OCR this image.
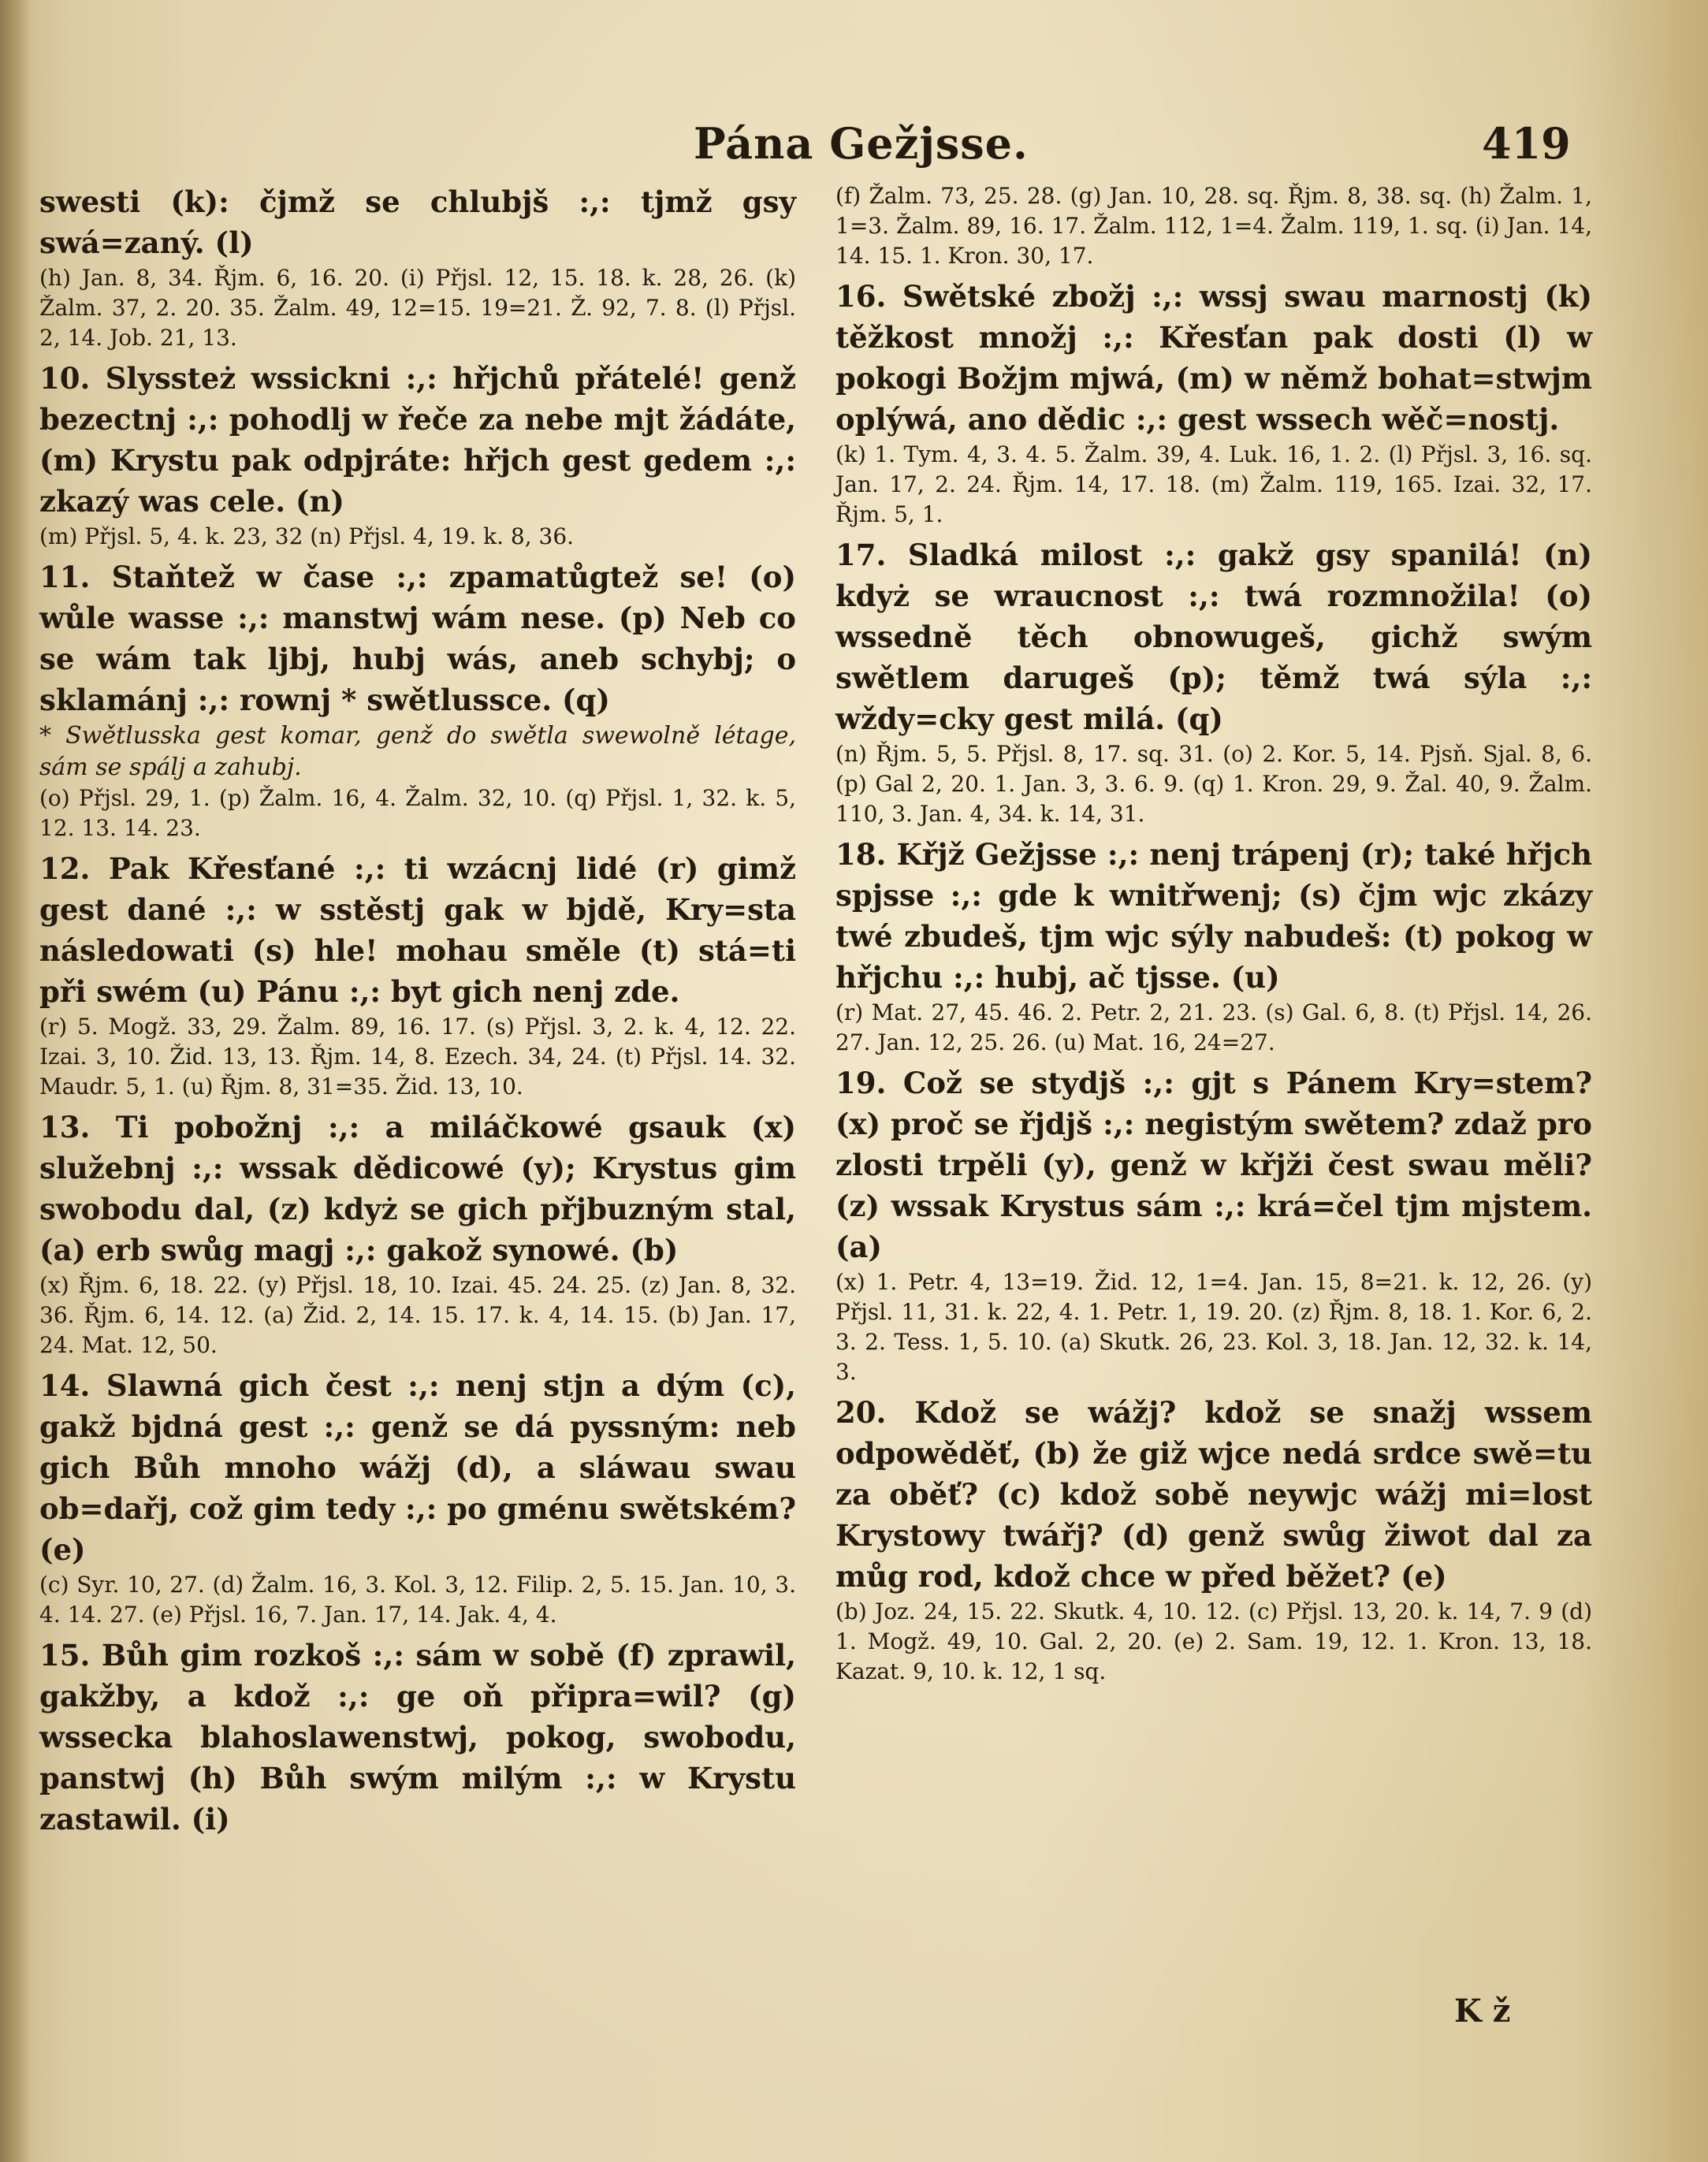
Pána Gežjsse.	419

swesti (k): čjmž se chlubjš :,: tjmž gsy swá=zaný. (l)

(h) Jan. 8, 34. Řjm. 6, 16. 20. (i) Přjsl. 12, 15. 18. k. 28, 26. (k) Žalm. 37, 2. 20. 35. Žalm. 49, 12=15. 19=21. Ž. 92, 7. 8. (l) Přjsl. 2, 14. Job. 21, 13.

10. Slyssteż wssickni :,: hřjchů přátelé! genž bezectnj :,: pohodlj w řeče za nebe mjt žádáte, (m) Krystu pak odpjráte: hřjch gest gedem :,: zkazý was cele. (n)

(m) Přjsl. 5, 4. k. 23, 32 (n) Přjsl. 4, 19. k. 8, 36.

11. Staňtež w čase :,: zpamatůgtež se! (o) wůle wasse :,: manstwj wám nese. (p) Neb co se wám tak ljbj, hubj wás, aneb schybj; o sklamánj :,: rownj * swětlussce. (q)

* Swětlusska gest komar, genž do swětla swewolně létage, sám se spálj a zahubj.

(o) Přjsl. 29, 1. (p) Žalm. 16, 4. Žalm. 32, 10. (q) Přjsl. 1, 32. k. 5, 12. 13. 14. 23.

12. Pak Křesťané :,: ti wzácnj lidé (r) gimž gest dané :,: w sstěstj gak w bjdě, Kry=sta následowati (s) hle! mohau směle (t) stá=ti při swém (u) Pánu :,: byt gich nenj zde.

(r) 5. Mogž. 33, 29. Žalm. 89, 16. 17. (s) Přjsl. 3, 2. k. 4, 12. 22. Izai. 3, 10. Žid. 13, 13. Řjm. 14, 8. Ezech. 34, 24. (t) Přjsl. 14. 32. Maudr. 5, 1. (u) Řjm. 8, 31=35. Žid. 13, 10.

13. Ti pobožnj :,: a miláčkowé gsauk (x) služebnj :,: wssak dědicowé (y); Krystus gim swobodu dal, (z) kdyż se gich přjbuzným stal, (a) erb swůg magj :,: gakož synowé. (b)

(x) Řjm. 6, 18. 22. (y) Přjsl. 18, 10. Izai. 45. 24. 25. (z) Jan. 8, 32. 36. Řjm. 6, 14. 12. (a) Žid. 2, 14. 15. 17. k. 4, 14. 15. (b) Jan. 17, 24. Mat. 12, 50.

14. Slawná gich čest :,: nenj stjn a dým (c), gakž bjdná gest :,: genž se dá pyssným: neb gich Bůh mnoho wážj (d), a sláwau swau ob=dařj, což gim tedy :,: po gménu swětském? (e)

(c) Syr. 10, 27. (d) Žalm. 16, 3. Kol. 3, 12. Filip. 2, 5. 15. Jan. 10, 3. 4. 14. 27. (e) Přjsl. 16, 7. Jan. 17, 14. Jak. 4, 4.

15. Bůh gim rozkoš :,: sám w sobě (f) zprawil, gakžby, a kdož :,: ge oň připra=wil? (g) wssecka blahoslawenstwj, pokog, swobodu, panstwj (h) Bůh swým milým :,: w Krystu zastawil. (i)

(f) Žalm. 73, 25. 28. (g) Jan. 10, 28. sq. Řjm. 8, 38. sq. (h) Žalm. 1, 1=3. Žalm. 89, 16. 17. Žalm. 112, 1=4. Žalm. 119, 1. sq. (i) Jan. 14, 14. 15. 1. Kron. 30, 17.

16. Swětské zbožj :,: wssj swau marnostj (k) těžkost množj :,: Křesťan pak dosti (l) w pokogi Božjm mjwá, (m) w němž bohat=stwjm oplýwá, ano dědic :,: gest wssech wěč=nostj.

(k) 1. Tym. 4, 3. 4. 5. Žalm. 39, 4. Luk. 16, 1. 2. (l) Přjsl. 3, 16. sq. Jan. 17, 2. 24. Řjm. 14, 17. 18. (m) Žalm. 119, 165. Izai. 32, 17. Řjm. 5, 1.

17. Sladká milost :,: gakž gsy spanilá! (n) kdyż se wraucnost :,: twá rozmnožila! (o) wssedně těch obnowugeš, gichž swým swětlem darugeš (p); těmž twá sýla :,: wždy=cky gest milá. (q)

(n) Řjm. 5, 5. Přjsl. 8, 17. sq. 31. (o) 2. Kor. 5, 14. Pjsň. Sjal. 8, 6. (p) Gal 2, 20. 1. Jan. 3, 3. 6. 9. (q) 1. Kron. 29, 9. Žal. 40, 9. Žalm. 110, 3. Jan. 4, 34. k. 14, 31.

18. Křjž Gežjsse :,: nenj trápenj (r); také hřjch spjsse :,: gde k wnitřwenj; (s) čjm wjc zkázy twé zbudeš, tjm wjc sýly nabudeš: (t) pokog w hřjchu :,: hubj, ač tjsse. (u)

(r) Mat. 27, 45. 46. 2. Petr. 2, 21. 23. (s) Gal. 6, 8. (t) Přjsl. 14, 26. 27. Jan. 12, 25. 26. (u) Mat. 16, 24=27.

19. Což se stydjš :,: gjt s Pánem Kry=stem? (x) proč se řjdjš :,: negistým swětem? zdaž pro zlosti trpěli (y), genž w křjži čest swau měli? (z) wssak Krystus sám :,: krá=čel tjm mjstem. (a)

(x) 1. Petr. 4, 13=19. Žid. 12, 1=4. Jan. 15, 8=21. k. 12, 26. (y) Přjsl. 11, 31. k. 22, 4. 1. Petr. 1, 19. 20. (z) Řjm. 8, 18. 1. Kor. 6, 2. 3. 2. Tess. 1, 5. 10. (a) Skutk. 26, 23. Kol. 3, 18. Jan. 12, 32. k. 14, 3.

20. Kdož se wážj? kdož se snažj wssem odpowěděť, (b) že giž wjce nedá srdce swě=tu za oběť? (c) kdož sobě neywjc wážj mi=lost Krystowy twářj? (d) genž swůg žiwot dal za můg rod, kdož chce w před běžet? (e)

(b) Joz. 24, 15. 22. Skutk. 4, 10. 12. (c) Přjsl. 13, 20. k. 14, 7. 9 (d) 1. Mogž. 49, 10. Gal. 2, 20. (e) 2. Sam. 19, 12. 1. Kron. 13, 18. Kazat. 9, 10. k. 12, 1 sq.

K ž
